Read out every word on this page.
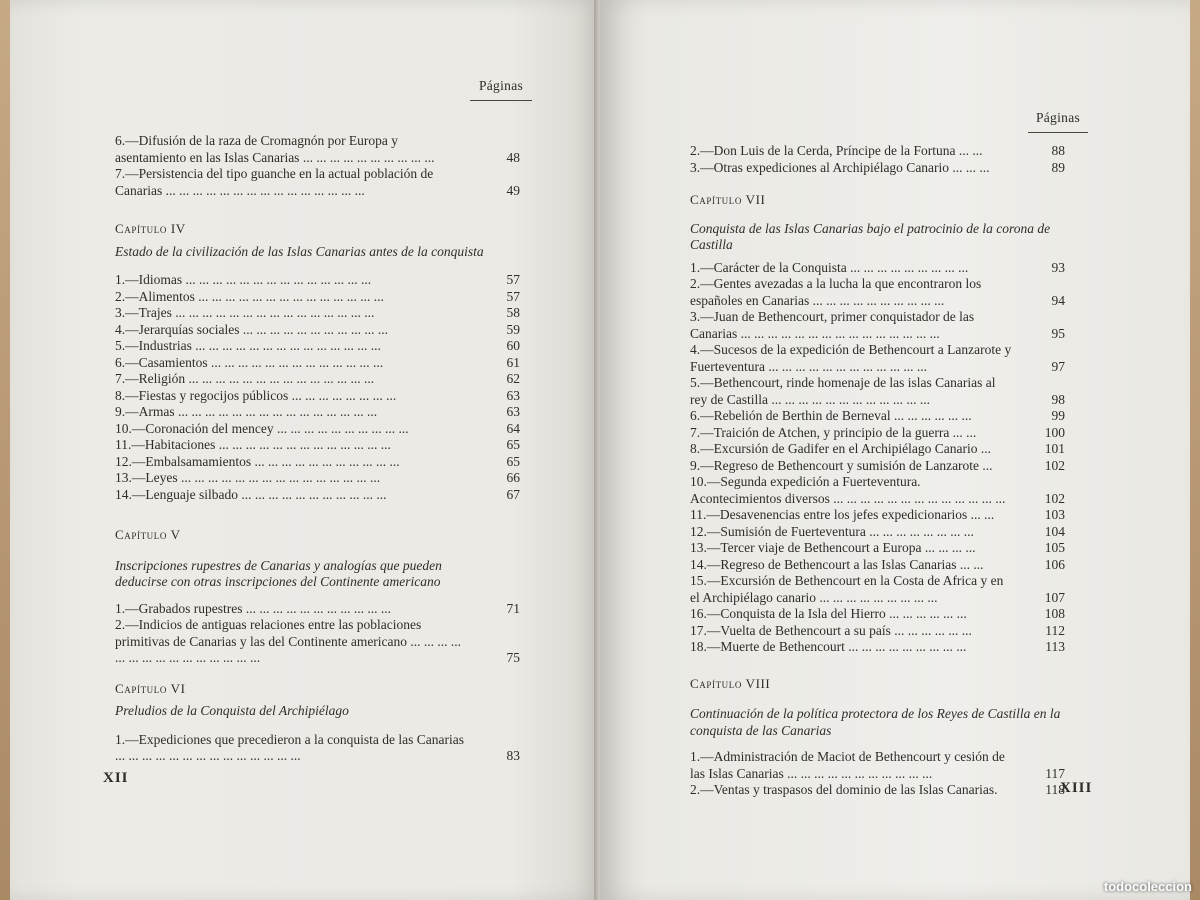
Páginas
6.—Difusión de la raza de Cromagnón por Europa y asentamiento en las Islas Canarias ... ... ... ... ... ... ... ... ... ...	48
7.—Persistencia del tipo guanche en la actual población de Canarias ... ... ... ... ... ... ... ... ... ... ... ... ... ... ...	49

Capítulo IV

Estado de la civilización de las Islas Canarias antes de la conquista

1.—Idiomas ... ... ... ... ... ... ... ... ... ... ... ... ... ...	57
2.—Alimentos ... ... ... ... ... ... ... ... ... ... ... ... ... ...	57
3.—Trajes ... ... ... ... ... ... ... ... ... ... ... ... ... ... ...	58
4.—Jerarquías sociales ... ... ... ... ... ... ... ... ... ... ...	59
5.—Industrias ... ... ... ... ... ... ... ... ... ... ... ... ... ...	60
6.—Casamientos ... ... ... ... ... ... ... ... ... ... ... ... ...	61
7.—Religión ... ... ... ... ... ... ... ... ... ... ... ... ... ...	62
8.—Fiestas y regocijos públicos ... ... ... ... ... ... ... ...	63
9.—Armas ... ... ... ... ... ... ... ... ... ... ... ... ... ... ...	63
10.—Coronación del mencey ... ... ... ... ... ... ... ... ... ...	64
11.—Habitaciones ... ... ... ... ... ... ... ... ... ... ... ... ...	65
12.—Embalsamamientos ... ... ... ... ... ... ... ... ... ... ...	65
13.—Leyes ... ... ... ... ... ... ... ... ... ... ... ... ... ... ...	66
14.—Lenguaje silbado ... ... ... ... ... ... ... ... ... ... ...	67

Capítulo V

Inscripciones rupestres de Canarias y analogías que pueden deducirse con otras inscripciones del Continente americano

1.—Grabados rupestres ... ... ... ... ... ... ... ... ... ... ...	71
2.—Indicios de antiguas relaciones entre las poblaciones primitivas de Canarias y las del Continente americano ... ... ... ... ... ... ... ... ... ... ... ... ... ... ...	75

Capítulo VI

Preludios de la Conquista del Archipiélago

1.—Expediciones que precedieron a la conquista de las Canarias ... ... ... ... ... ... ... ... ... ... ... ... ... ...	83
XII
Páginas
2.—Don Luis de la Cerda, Príncipe de la Fortuna ... ...	88
3.—Otras expediciones al Archipiélago Canario ... ... ...	89

Capítulo VII

Conquista de las Islas Canarias bajo el patrocinio de la corona de Castilla

1.—Carácter de la Conquista ... ... ... ... ... ... ... ... ...	93
2.—Gentes avezadas a la lucha la que encontraron los españoles en Canarias ... ... ... ... ... ... ... ... ... ...	94
3.—Juan de Bethencourt, primer conquistador de las Canarias ... ... ... ... ... ... ... ... ... ... ... ... ... ... ...	95
4.—Sucesos de la expedición de Bethencourt a Lanzarote y Fuerteventura ... ... ... ... ... ... ... ... ... ... ... ...	97
5.—Bethencourt, rinde homenaje de las islas Canarias al rey de Castilla ... ... ... ... ... ... ... ... ... ... ... ...	98
6.—Rebelión de Berthin de Berneval ... ... ... ... ... ...	99
7.—Traición de Atchen, y principio de la guerra ... ...	100
8.—Excursión de Gadifer en el Archipiélago Canario ...	101
9.—Regreso de Bethencourt y sumisión de Lanzarote ...	102
10.—Segunda expedición a Fuerteventura. Acontecimientos diversos ... ... ... ... ... ... ... ... ... ... ... ... ...	102
11.—Desavenencias entre los jefes expedicionarios ... ...	103
12.—Sumisión de Fuerteventura ... ... ... ... ... ... ... ...	104
13.—Tercer viaje de Bethencourt a Europa ... ... ... ...	105
14.—Regreso de Bethencourt a las Islas Canarias ... ...	106
15.—Excursión de Bethencourt en la Costa de Africa y en el Archipiélago canario ... ... ... ... ... ... ... ... ...	107
16.—Conquista de la Isla del Hierro ... ... ... ... ... ...	108
17.—Vuelta de Bethencourt a su país ... ... ... ... ... ...	112
18.—Muerte de Bethencourt ... ... ... ... ... ... ... ... ...	113

Capítulo VIII

Continuación de la política protectora de los Reyes de Castilla en la conquista de las Canarias

1.—Administración de Maciot de Bethencourt y cesión de las Islas Canarias ... ... ... ... ... ... ... ... ... ... ...	117
2.—Ventas y traspasos del dominio de las Islas Canarias.	118
XIII
todocoleccion
